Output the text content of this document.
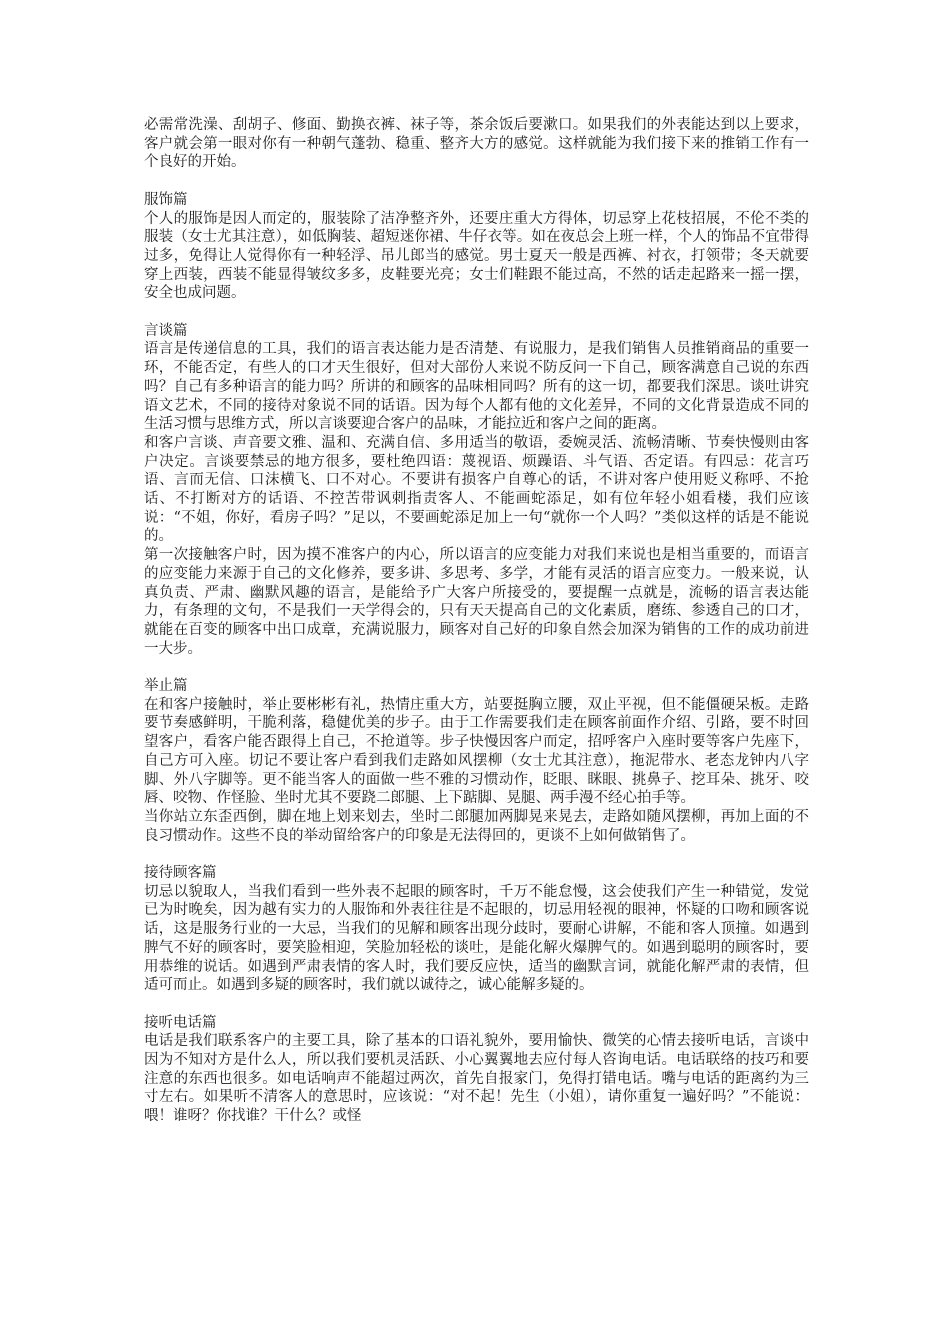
必需常洗澡、刮胡子、修面、勤换衣裤、袜子等，茶余饭后要漱口。如果我们的外表能达到以上要求，客户就会第一眼对你有一种朝气蓬勃、稳重、整齐大方的感觉。这样就能为我们接下来的推销工作有一个良好的开始。

服饰篇

个人的服饰是因人而定的，服装除了洁净整齐外，还要庄重大方得体，切忌穿上花枝招展，不伦不类的服装（女士尤其注意），如低胸装、超短迷你裙、牛仔衣等。如在夜总会上班一样，个人的饰品不宜带得过多，免得让人觉得你有一种轻浮、吊儿郎当的感觉。男士夏天一般是西裤、衬衣，打领带；冬天就要穿上西装，西装不能显得皱纹多多，皮鞋要光亮；女士们鞋跟不能过高，不然的话走起路来一摇一摆，安全也成问题。

言谈篇

语言是传递信息的工具，我们的语言表达能力是否清楚、有说服力，是我们销售人员推销商品的重要一环，不能否定，有些人的口才天生很好，但对大部份人来说不防反问一下自己，顾客满意自己说的东西吗？自己有多种语言的能力吗？所讲的和顾客的品味相同吗？所有的这一切，都要我们深思。谈吐讲究语文艺术，不同的接待对象说不同的话语。因为每个人都有他的文化差异，不同的文化背景造成不同的生活习惯与思维方式，所以言谈要迎合客户的品味，才能拉近和客户之间的距离。

和客户言谈、声音要文雅、温和、充满自信、多用适当的敬语，委婉灵活、流畅清晰、节奏快慢则由客户决定。言谈要禁忌的地方很多，要杜绝四语：蔑视语、烦躁语、斗气语、否定语。有四忌：花言巧语、言而无信、口沫横飞、口不对心。不要讲有损客户自尊心的话，不讲对客户使用贬义称呼、不抢话、不打断对方的话语、不控苦带讽刺指责客人、不能画蛇添足，如有位年轻小姐看楼，我们应该说：“不姐，你好，看房子吗？”足以，不要画蛇添足加上一句“就你一个人吗？”类似这样的话是不能说的。

第一次接触客户时，因为摸不准客户的内心，所以语言的应变能力对我们来说也是相当重要的，而语言的应变能力来源于自己的文化修养，要多讲、多思考、多学，才能有灵活的语言应变力。一般来说，认真负责、严肃、幽默风趣的语言，是能给予广大客户所接受的，要提醒一点就是，流畅的语言表达能力，有条理的文句，不是我们一天学得会的，只有天天提高自己的文化素质，磨练、参透自己的口才，就能在百变的顾客中出口成章，充满说服力，顾客对自己好的印象自然会加深为销售的工作的成功前进一大步。

举止篇

在和客户接触时，举止要彬彬有礼，热情庄重大方，站要挺胸立腰，双止平视，但不能僵硬呆板。走路要节奏感鲜明，干脆利落，稳健优美的步子。由于工作需要我们走在顾客前面作介绍、引路，要不时回望客户，看客户能否跟得上自己，不抢道等。步子快慢因客户而定，招呼客户入座时要等客户先座下，自己方可入座。切记不要让客户看到我们走路如风摆柳（女士尤其注意），拖泥带水、老态龙钟内八字脚、外八字脚等。更不能当客人的面做一些不雅的习惯动作，眨眼、眯眼、挑鼻子、挖耳朵、挑牙、咬唇、咬物、作怪脸、坐时尤其不要跷二郎腿、上下踮脚、晃腿、两手漫不经心拍手等。

当你站立东歪西倒，脚在地上划来划去，坐时二郎腿加两脚晃来晃去，走路如随风摆柳，再加上面的不良习惯动作。这些不良的举动留给客户的印象是无法得回的，更谈不上如何做销售了。

接待顾客篇

切忌以貌取人，当我们看到一些外表不起眼的顾客时，千万不能怠慢，这会使我们产生一种错觉，发觉已为时晚矣，因为越有实力的人服饰和外表往往是不起眼的，切忌用轻视的眼神，怀疑的口吻和顾客说话，这是服务行业的一大忌，当我们的见解和顾客出现分歧时，要耐心讲解，不能和客人顶撞。如遇到脾气不好的顾客时，要笑脸相迎，笑脸加轻松的谈吐，是能化解火爆脾气的。如遇到聪明的顾客时，要用恭维的说话。如遇到严肃表情的客人时，我们要反应快，适当的幽默言词，就能化解严肃的表情，但适可而止。如遇到多疑的顾客时，我们就以诚待之，诚心能解多疑的。

接听电话篇

电话是我们联系客户的主要工具，除了基本的口语礼貌外，要用愉快、微笑的心情去接听电话，言谈中因为不知对方是什么人，所以我们要机灵活跃、小心翼翼地去应付每人咨询电话。电话联络的技巧和要注意的东西也很多。如电话响声不能超过两次，首先自报家门，免得打错电话。嘴与电话的距离约为三寸左右。如果听不清客人的意思时，应该说：“对不起！先生（小姐），请你重复一遍好吗？”不能说：喂！谁呀？你找谁？干什么？或怪
